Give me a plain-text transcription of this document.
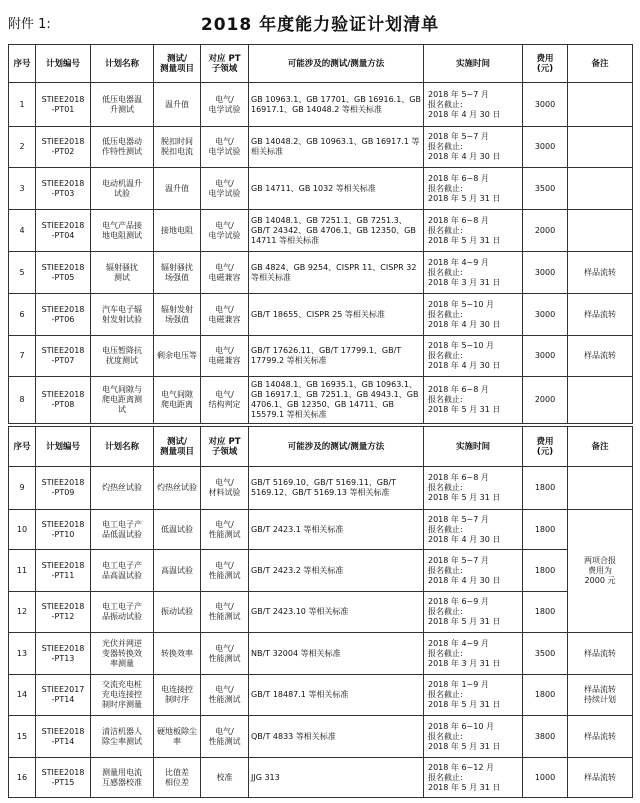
附件 1:	2018 年度能力验证计划清单
序号	计划编号	计划名称	测试/
测量项目	对应 PT
子领域	可能涉及的测试/测量方法	实施时间	费用
(元)	备注
1	STIEE2018
-PT01	低压电器温
升测试	温升值	电气/
电学试验	GB 10963.1、GB 17701、GB 16916.1、GB 16917.1、GB 14048.2 等相关标准	2018 年 5~7 月
报名截止:
2018 年 4 月 30 日	3000	
2	STIEE2018
-PT02	低压电器动
作特性测试	脱扣时间
脱扣电流	电气/
电学试验	GB 14048.2、GB 10963.1、GB 16917.1 等相关标准	2018 年 5~7 月
报名截止:
2018 年 4 月 30 日	3000	
3	STIEE2018
-PT03	电动机温升
试验	温升值	电气/
电学试验	GB 14711、GB 1032 等相关标准	2018 年 6~8 月
报名截止:
2018 年 5 月 31 日	3500	
4	STIEE2018
-PT04	电气产品接
地电阻测试	接地电阻	电气/
电学试验	GB 14048.1、GB 7251.1、GB 7251.3、GB/T 24342、GB 4706.1、GB 12350、GB 14711 等相关标准	2018 年 6~8 月
报名截止:
2018 年 5 月 31 日	2000	
5	STIEE2018
-PT05	辐射骚扰
测试	辐射骚扰
场强值	电气/
电磁兼容	GB 4824、GB 9254、CISPR 11、CISPR 32 等相关标准	2018 年 4~9 月
报名截止:
2018 年 3 月 31 日	3000	样品流转
6	STIEE2018
-PT06	汽车电子辐
射发射试验	辐射发射
场强值	电气/
电磁兼容	GB/T 18655、CISPR 25 等相关标准	2018 年 5~10 月
报名截止:
2018 年 4 月 30 日	3000	样品流转
7	STIEE2018
-PT07	电压暂降抗
扰度测试	剩余电压等	电气/
电磁兼容	GB/T 17626.11、GB/T 17799.1、GB/T 17799.2 等相关标准	2018 年 5~10 月
报名截止:
2018 年 4 月 30 日	3000	样品流转
8	STIEE2018
-PT08	电气间隙与
爬电距离测
试	电气间隙
爬电距离	电气/
结构判定	GB 14048.1、GB 16935.1、GB 10963.1、GB 16917.1、GB 7251.1、GB 4943.1、GB 4706.1、GB 12350、GB 14711、GB 15579.1 等相关标准	2018 年 6~8 月
报名截止:
2018 年 5 月 31 日	2000	
序号	计划编号	计划名称	测试/
测量项目	对应 PT
子领域	可能涉及的测试/测量方法	实施时间	费用
(元)	备注
9	STIEE2018
-PT09	灼热丝试验	灼热丝试验	电气/
材料试验	GB/T 5169.10、GB/T 5169.11、GB/T 5169.12、GB/T 5169.13 等相关标准	2018 年 6~8 月
报名截止:
2018 年 5 月 31 日	1800	
10	STIEE2018
-PT10	电工电子产
品低温试验	低温试验	电气/
性能测试	GB/T 2423.1 等相关标准	2018 年 5~7 月
报名截止:
2018 年 4 月 30 日	1800	两项合报
费用为
2000 元
11	STIEE2018
-PT11	电工电子产
品高温试验	高温试验	电气/
性能测试	GB/T 2423.2 等相关标准	2018 年 5~7 月
报名截止:
2018 年 4 月 30 日	1800	
12	STIEE2018
-PT12	电工电子产
品振动试验	振动试验	电气/
性能测试	GB/T 2423.10 等相关标准	2018 年 6~9 月
报名截止:
2018 年 5 月 31 日	1800	
13	STIEE2018
-PT13	光伏并网逆
变器转换效
率测量	转换效率	电气/
性能测试	NB/T 32004 等相关标准	2018 年 4~9 月
报名截止:
2018 年 3 月 31 日	3500	样品流转
14	STIEE2017
-PT14	交流充电桩
充电连接控
制时序测量	电连接控
制时序	电气/
性能测试	GB/T 18487.1 等相关标准	2018 年 1~9 月
报名截止:
2018 年 5 月 31 日	1800	样品流转
持续计划
15	STIEE2018
-PT14	清洁机器人
除尘率测试	硬地板除尘
率	电气/
性能测试	QB/T 4833 等相关标准	2018 年 6~10 月
报名截止:
2018 年 5 月 31 日	3800	样品流转
16	STIEE2018
-PT15	测量用电流
互感器校准	比值差
相位差	校准	JJG 313	2018 年 6~12 月
报名截止:
2018 年 5 月 31 日	1000	样品流转
